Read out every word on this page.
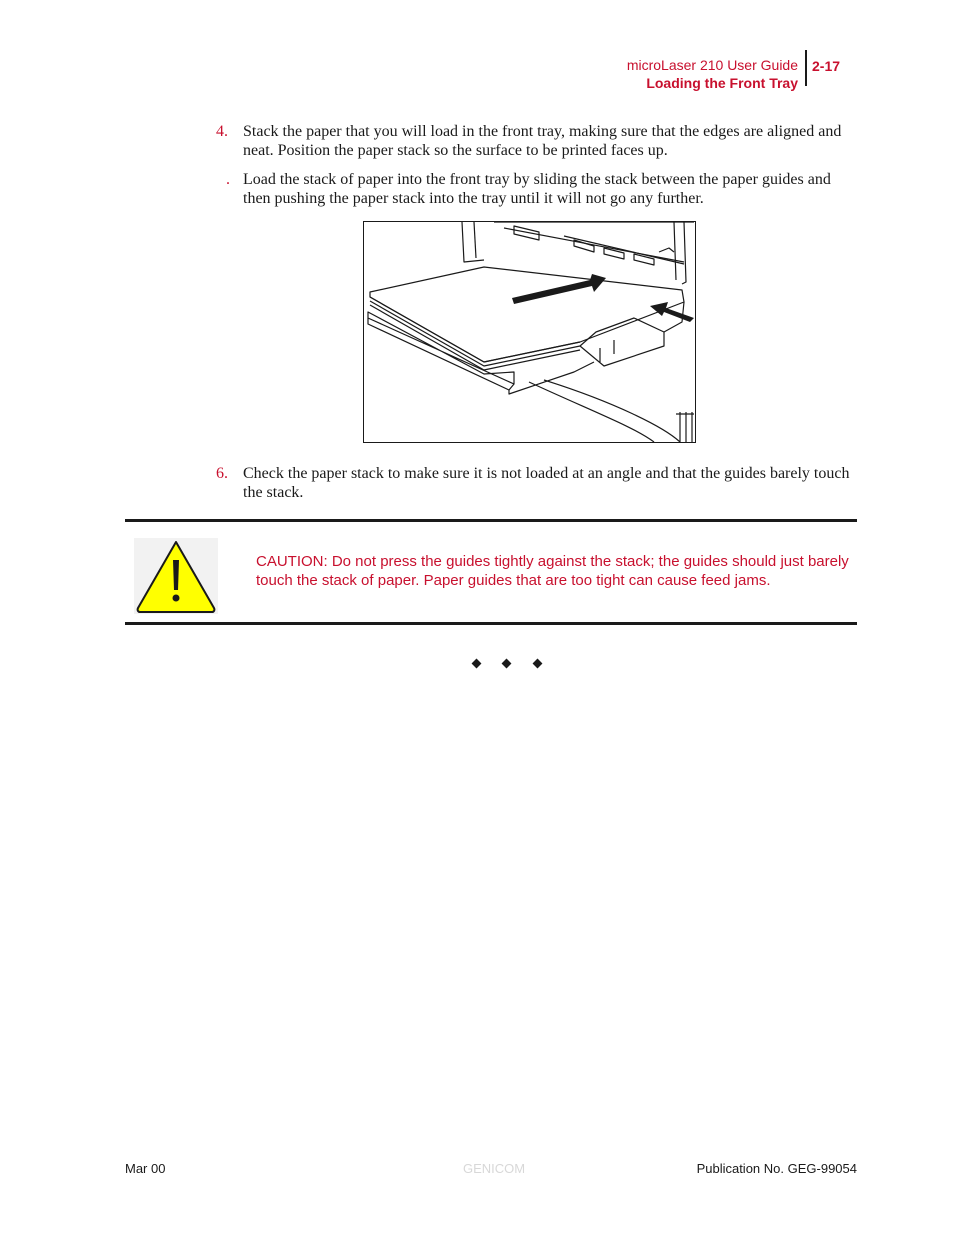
microLaser 210 User Guide
Loading the Front Tray
2-17
4. Stack the paper that you will load in the front tray, making sure that the edges are aligned and neat. Position the paper stack so the surface to be printed faces up.
. Load the stack of paper into the front tray by sliding the stack between the paper guides and then pushing the paper stack into the tray until it will not go any further.
6. Check the paper stack to make sure it is not loaded at an angle and that the guides barely touch the stack.
CAUTION: Do not press the guides tightly against the stack; the guides should just barely touch the stack of paper. Paper guides that are too tight can cause feed jams.
Mar 00	GENICOM	Publication No. GEG-99054
